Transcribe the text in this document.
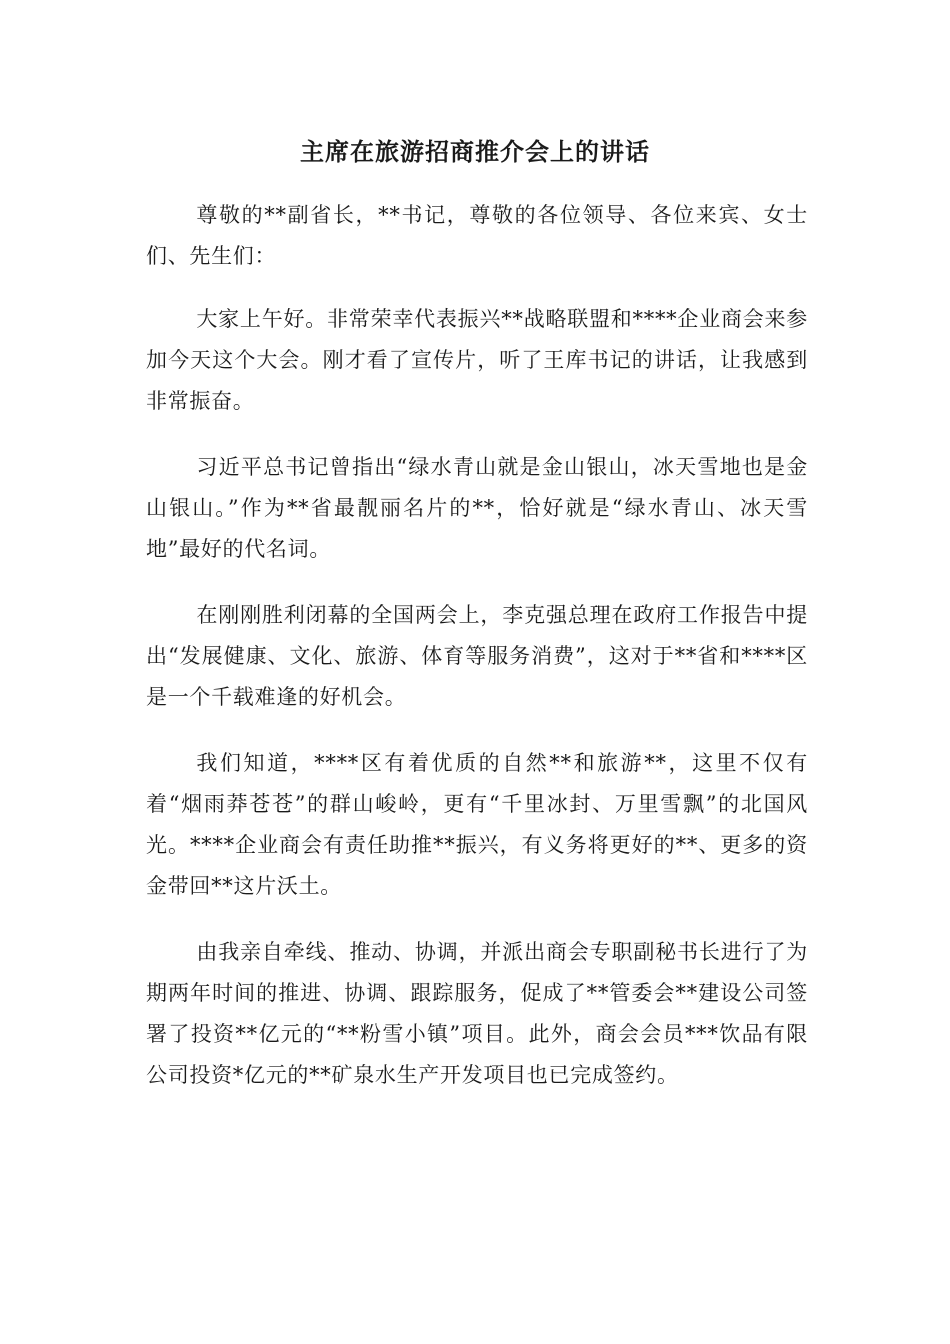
主席在旅游招商推介会上的讲话

尊敬的**副省长，**书记，尊敬的各位领导、各位来宾、女士们、先生们：

大家上午好。非常荣幸代表振兴**战略联盟和****企业商会来参加今天这个大会。刚才看了宣传片，听了王库书记的讲话，让我感到非常振奋。

习近平总书记曾指出“绿水青山就是金山银山，冰天雪地也是金山银山。”作为**省最靓丽名片的**，恰好就是“绿水青山、冰天雪地”最好的代名词。

在刚刚胜利闭幕的全国两会上，李克强总理在政府工作报告中提出“发展健康、文化、旅游、体育等服务消费”，这对于**省和****区是一个千载难逢的好机会。

我们知道，****区有着优质的自然**和旅游**，这里不仅有着“烟雨莽苍苍”的群山峻岭，更有“千里冰封、万里雪飘”的北国风光。****企业商会有责任助推**振兴，有义务将更好的**、更多的资金带回**这片沃土。

由我亲自牵线、推动、协调，并派出商会专职副秘书长进行了为期两年时间的推进、协调、跟踪服务，促成了**管委会**建设公司签署了投资**亿元的“**粉雪小镇”项目。此外，商会会员***饮品有限公司投资*亿元的**矿泉水生产开发项目也已完成签约。
